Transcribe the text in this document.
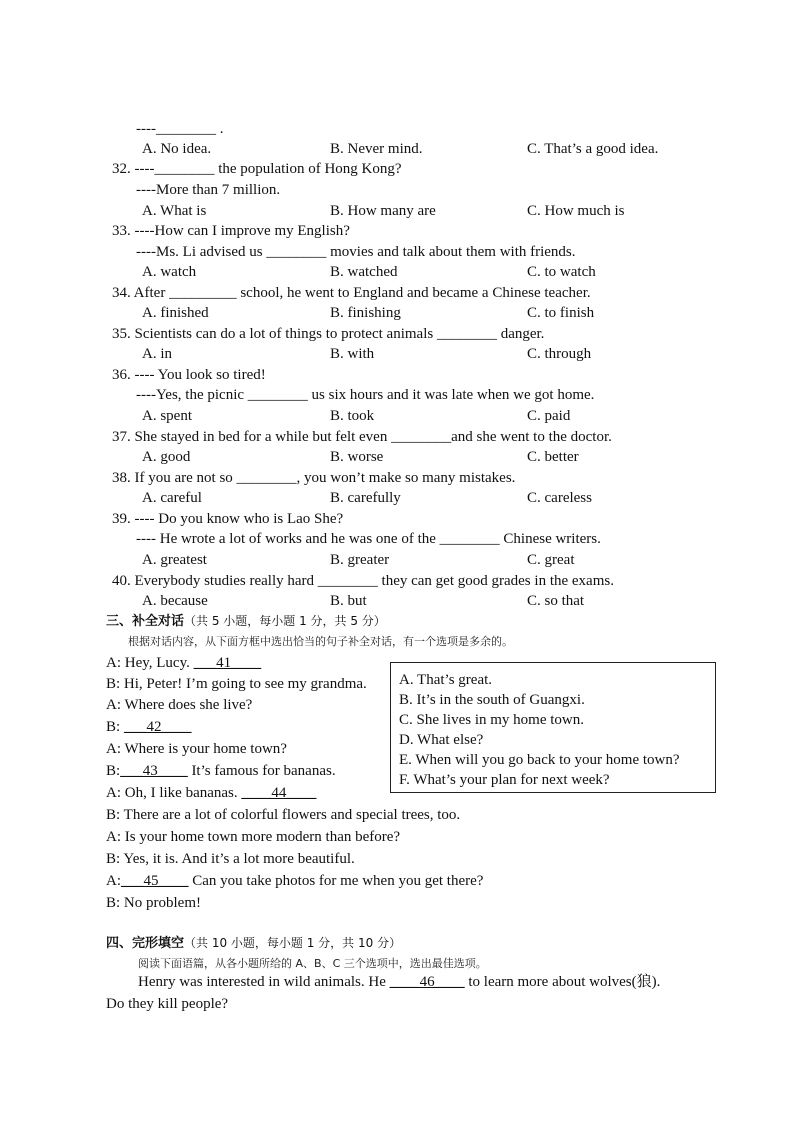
----________ .
A. No idea.	B. Never mind.	C. That’s a good idea.
32. ----________ the population of Hong Kong?
----More than 7 million.
A. What is	B. How many are	C. How much is
33. ----How can I improve my English?
----Ms. Li advised us ________ movies and talk about them with friends.
A. watch	B. watched	C. to watch
34. After _________ school, he went to England and became a Chinese teacher.
A. finished	B. finishing	C. to finish
35. Scientists can do a lot of things to protect animals ________ danger.
A. in	B. with	C. through
36. ---- You look so tired!
----Yes, the picnic ________ us six hours and it was late when we got home.
A. spent	B. took	C. paid
37. She stayed in bed for a while but felt even ________and she went to the doctor.
A. good	B. worse	C. better
38. If you are not so ________, you won’t make so many mistakes.
A. careful	B. carefully	C. careless
39. ---- Do you know who is Lao She?
---- He wrote a lot of works and he was one of the ________ Chinese writers.
A. greatest	B. greater	C. great
40. Everybody studies really hard ________ they can get good grades in the exams.
A. because	B. but	C. so that
三、补全对话（共 5 小题，每小题 1 分，共 5 分）
根据对话内容，从下面方框中选出恰当的句子补全对话，有一个选项是多余的。
A: Hey, Lucy. ___41____
B: Hi, Peter! I’m going to see my grandma.
A: Where does she live?
B: ___42____
A: Where is your home town?
B:___43____ It’s famous for bananas.
A: Oh, I like bananas. ____44____
B: There are a lot of colorful flowers and special trees, too.
A: Is your home town more modern than before?
B: Yes, it is. And it’s a lot more beautiful.
A:___45____ Can you take photos for me when you get there?
B: No problem!
A. That’s great.
B. It’s in the south of Guangxi.
C. She lives in my home town.
D. What else?
E. When will you go back to your home town?
F. What’s your plan for next week?
四、完形填空（共 10 小题，每小题 1 分，共 10 分）
阅读下面语篇，从各小题所给的 A、B、C 三个选项中，选出最佳选项。
Henry was interested in wild animals. He ____46____ to learn more about wolves(狼).
Do they kill people?
